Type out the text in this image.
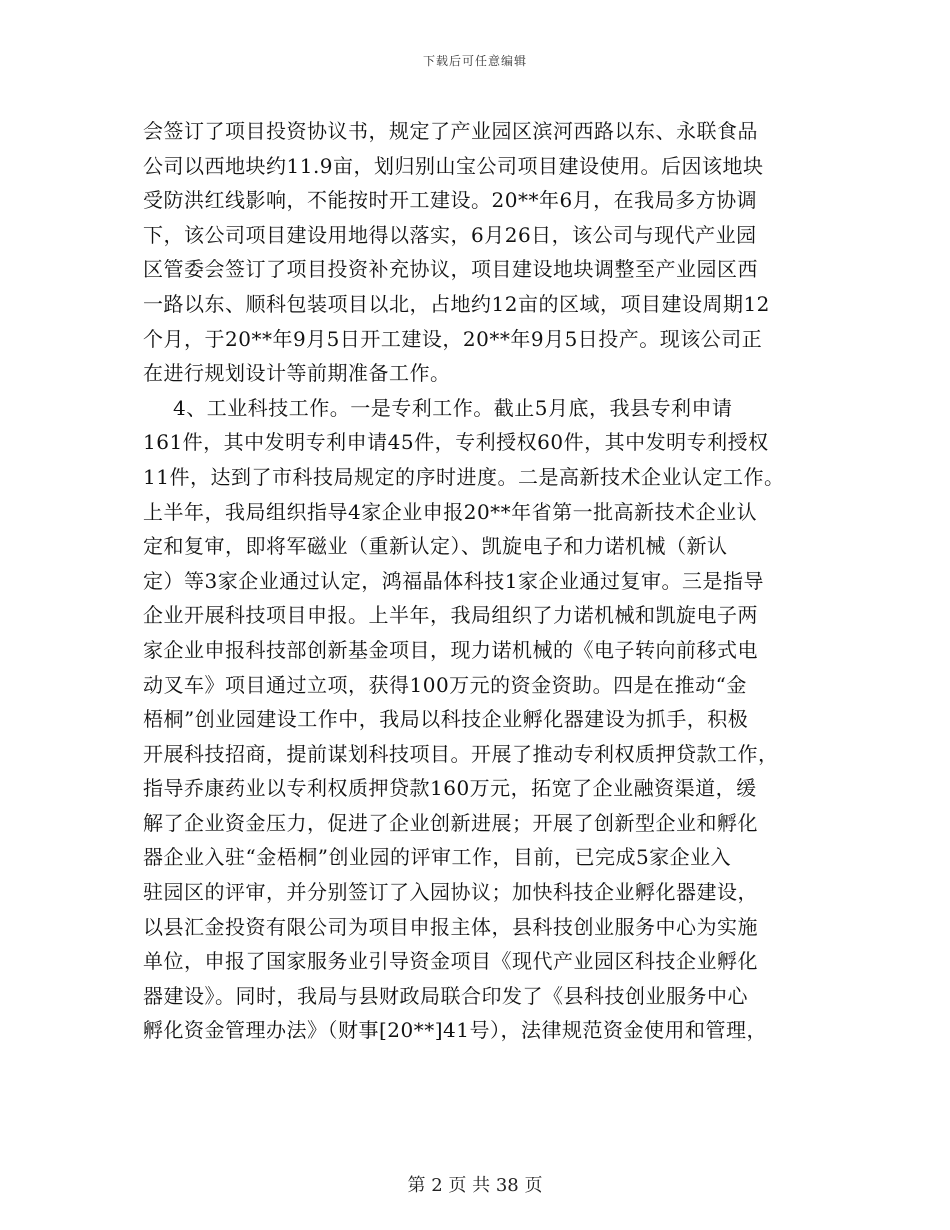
下载后可任意编辑
会签订了项目投资协议书，规定了产业园区滨河西路以东、永联食品
公司以西地块约11.9亩，划归别山宝公司项目建设使用。后因该地块
受防洪红线影响，不能按时开工建设。20**年6月，在我局多方协调
下，该公司项目建设用地得以落实，6月26日，该公司与现代产业园
区管委会签订了项目投资补充协议，项目建设地块调整至产业园区西
一路以东、顺科包装项目以北，占地约12亩的区域，项目建设周期12
个月，于20**年9月5日开工建设，20**年9月5日投产。现该公司正
在进行规划设计等前期准备工作。
4、工业科技工作。一是专利工作。截止5月底，我县专利申请
161件，其中发明专利申请45件，专利授权60件，其中发明专利授权
11件，达到了市科技局规定的序时进度。二是高新技术企业认定工作。
上半年，我局组织指导4家企业申报20**年省第一批高新技术企业认
定和复审，即将军磁业（重新认定）、凯旋电子和力诺机械（新认
定）等3家企业通过认定，鸿福晶体科技1家企业通过复审。三是指导
企业开展科技项目申报。上半年，我局组织了力诺机械和凯旋电子两
家企业申报科技部创新基金项目，现力诺机械的《电子转向前移式电
动叉车》项目通过立项，获得100万元的资金资助。四是在推动“金
梧桐”创业园建设工作中，我局以科技企业孵化器建设为抓手，积极
开展科技招商，提前谋划科技项目。开展了推动专利权质押贷款工作，
指导乔康药业以专利权质押贷款160万元，拓宽了企业融资渠道，缓
解了企业资金压力，促进了企业创新进展；开展了创新型企业和孵化
器企业入驻“金梧桐”创业园的评审工作，目前，已完成5家企业入
驻园区的评审，并分别签订了入园协议；加快科技企业孵化器建设，
以县汇金投资有限公司为项目申报主体，县科技创业服务中心为实施
单位，申报了国家服务业引导资金项目《现代产业园区科技企业孵化
器建设》。同时，我局与县财政局联合印发了《县科技创业服务中心
孵化资金管理办法》（财事[20**]41号），法律规范资金使用和管理，
第 2 页 共 38 页
